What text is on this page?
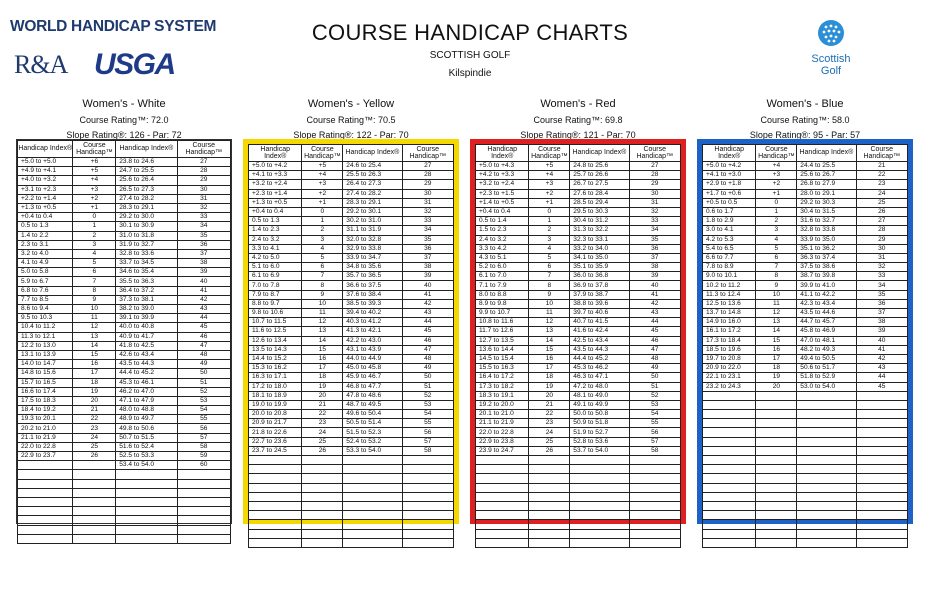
WORLD HANDICAP SYSTEM
R&A USGA
COURSE HANDICAP CHARTS
SCOTTISH GOLF
Kilspindie
Scottish
Golf
Women's - White
Course Rating™: 72.0
Slope Rating®: 126 - Par: 72
Handicap Index®	Course Handicap™	Handicap Index®	Course Handicap™
+5.0 to +5.0	+6	23.8 to 24.6	27
+4.9 to +4.1	+5	24.7 to 25.5	28
+4.0 to +3.2	+4	25.6 to 26.4	29
+3.1 to +2.3	+3	26.5 to 27.3	30
+2.2 to +1.4	+2	27.4 to 28.2	31
+1.3 to +0.5	+1	28.3 to 29.1	32
+0.4 to 0.4	0	29.2 to 30.0	33
0.5 to 1.3	1	30.1 to 30.9	34
1.4 to 2.2	2	31.0 to 31.8	35
2.3 to 3.1	3	31.9 to 32.7	36
3.2 to 4.0	4	32.8 to 33.6	37
4.1 to 4.9	5	33.7 to 34.5	38
5.0 to 5.8	6	34.6 to 35.4	39
5.9 to 6.7	7	35.5 to 36.3	40
6.8 to 7.6	8	36.4 to 37.2	41
7.7 to 8.5	9	37.3 to 38.1	42
8.6 to 9.4	10	38.2 to 39.0	43
9.5 to 10.3	11	39.1 to 39.9	44
10.4 to 11.2	12	40.0 to 40.8	45
11.3 to 12.1	13	40.9 to 41.7	46
12.2 to 13.0	14	41.8 to 42.5	47
13.1 to 13.9	15	42.6 to 43.4	48
14.0 to 14.7	16	43.5 to 44.3	49
14.8 to 15.6	17	44.4 to 45.2	50
15.7 to 16.5	18	45.3 to 46.1	51
16.6 to 17.4	19	46.2 to 47.0	52
17.5 to 18.3	20	47.1 to 47.9	53
18.4 to 19.2	21	48.0 to 48.8	54
19.3 to 20.1	22	48.9 to 49.7	55
20.2 to 21.0	23	49.8 to 50.6	56
21.1 to 21.9	24	50.7 to 51.5	57
22.0 to 22.8	25	51.6 to 52.4	58
22.9 to 23.7	26	52.5 to 53.3	59
		53.4 to 54.0	60

Women's - Yellow
Course Rating™: 70.5
Slope Rating®: 122 - Par: 70
Handicap Index®	Course Handicap™	Handicap Index®	Course Handicap™
+5.0 to +4.2	+5	24.6 to 25.4	27
+4.1 to +3.3	+4	25.5 to 26.3	28
+3.2 to +2.4	+3	26.4 to 27.3	29
+2.3 to +1.4	+2	27.4 to 28.2	30
+1.3 to +0.5	+1	28.3 to 29.1	31
+0.4 to 0.4	0	29.2 to 30.1	32
0.5 to 1.3	1	30.2 to 31.0	33
1.4 to 2.3	2	31.1 to 31.9	34
2.4 to 3.2	3	32.0 to 32.8	35
3.3 to 4.1	4	32.9 to 33.8	36
4.2 to 5.0	5	33.9 to 34.7	37
5.1 to 6.0	6	34.8 to 35.6	38
6.1 to 6.9	7	35.7 to 36.5	39
7.0 to 7.8	8	36.6 to 37.5	40
7.9 to 8.7	9	37.6 to 38.4	41
8.8 to 9.7	10	38.5 to 39.3	42
9.8 to 10.6	11	39.4 to 40.2	43
10.7 to 11.5	12	40.3 to 41.2	44
11.6 to 12.5	13	41.3 to 42.1	45
12.6 to 13.4	14	42.2 to 43.0	46
13.5 to 14.3	15	43.1 to 43.9	47
14.4 to 15.2	16	44.0 to 44.9	48
15.3 to 16.2	17	45.0 to 45.8	49
16.3 to 17.1	18	45.9 to 46.7	50
17.2 to 18.0	19	46.8 to 47.7	51
18.1 to 18.9	20	47.8 to 48.6	52
19.0 to 19.9	21	48.7 to 49.5	53
20.0 to 20.8	22	49.6 to 50.4	54
20.9 to 21.7	23	50.5 to 51.4	55
21.8 to 22.6	24	51.5 to 52.3	56
22.7 to 23.6	25	52.4 to 53.2	57
23.7 to 24.5	26	53.3 to 54.0	58

Women's - Red
Course Rating™: 69.8
Slope Rating®: 121 - Par: 70
Handicap Index®	Course Handicap™	Handicap Index®	Course Handicap™
+5.0 to +4.3	+5	24.8 to 25.6	27
+4.2 to +3.3	+4	25.7 to 26.6	28
+3.2 to +2.4	+3	26.7 to 27.5	29
+2.3 to +1.5	+2	27.6 to 28.4	30
+1.4 to +0.5	+1	28.5 to 29.4	31
+0.4 to 0.4	0	29.5 to 30.3	32
0.5 to 1.4	1	30.4 to 31.2	33
1.5 to 2.3	2	31.3 to 32.2	34
2.4 to 3.2	3	32.3 to 33.1	35
3.3 to 4.2	4	33.2 to 34.0	36
4.3 to 5.1	5	34.1 to 35.0	37
5.2 to 6.0	6	35.1 to 35.9	38
6.1 to 7.0	7	36.0 to 36.8	39
7.1 to 7.9	8	36.9 to 37.8	40
8.0 to 8.8	9	37.9 to 38.7	41
8.9 to 9.8	10	38.8 to 39.6	42
9.9 to 10.7	11	39.7 to 40.6	43
10.8 to 11.6	12	40.7 to 41.5	44
11.7 to 12.6	13	41.6 to 42.4	45
12.7 to 13.5	14	42.5 to 43.4	46
13.6 to 14.4	15	43.5 to 44.3	47
14.5 to 15.4	16	44.4 to 45.2	48
15.5 to 16.3	17	45.3 to 46.2	49
16.4 to 17.2	18	46.3 to 47.1	50
17.3 to 18.2	19	47.2 to 48.0	51
18.3 to 19.1	20	48.1 to 49.0	52
19.2 to 20.0	21	49.1 to 49.9	53
20.1 to 21.0	22	50.0 to 50.8	54
21.1 to 21.9	23	50.9 to 51.8	55
22.0 to 22.8	24	51.9 to 52.7	56
22.9 to 23.8	25	52.8 to 53.6	57
23.9 to 24.7	26	53.7 to 54.0	58

Women's - Blue
Course Rating™: 58.0
Slope Rating®: 95 - Par: 57
Handicap Index®	Course Handicap™	Handicap Index®	Course Handicap™
+5.0 to +4.2	+4	24.4 to 25.5	21
+4.1 to +3.0	+3	25.6 to 26.7	22
+2.9 to +1.8	+2	26.8 to 27.9	23
+1.7 to +0.6	+1	28.0 to 29.1	24
+0.5 to 0.5	0	29.2 to 30.3	25
0.6 to 1.7	1	30.4 to 31.5	26
1.8 to 2.9	2	31.6 to 32.7	27
3.0 to 4.1	3	32.8 to 33.8	28
4.2 to 5.3	4	33.9 to 35.0	29
5.4 to 6.5	5	35.1 to 36.2	30
6.6 to 7.7	6	36.3 to 37.4	31
7.8 to 8.9	7	37.5 to 38.6	32
9.0 to 10.1	8	38.7 to 39.8	33
10.2 to 11.2	9	39.9 to 41.0	34
11.3 to 12.4	10	41.1 to 42.2	35
12.5 to 13.6	11	42.3 to 43.4	36
13.7 to 14.8	12	43.5 to 44.6	37
14.9 to 16.0	13	44.7 to 45.7	38
16.1 to 17.2	14	45.8 to 46.9	39
17.3 to 18.4	15	47.0 to 48.1	40
18.5 to 19.6	16	48.2 to 49.3	41
19.7 to 20.8	17	49.4 to 50.5	42
20.9 to 22.0	18	50.6 to 51.7	43
22.1 to 23.1	19	51.8 to 52.9	44
23.2 to 24.3	20	53.0 to 54.0	45
